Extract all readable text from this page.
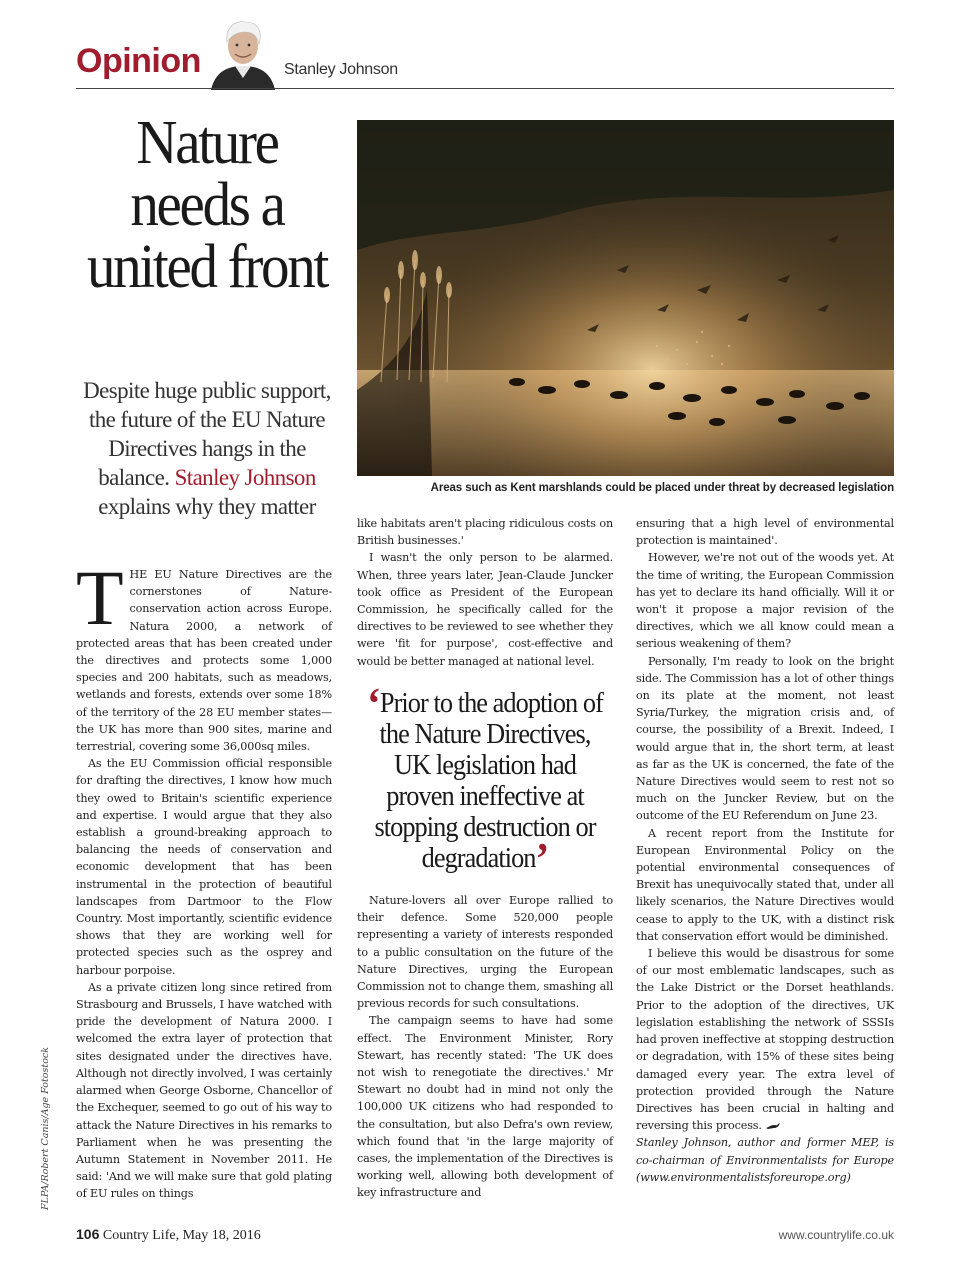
Opinion	Stanley Johnson
Nature needs a united front
Despite huge public support, the future of the EU Nature Directives hangs in the balance. Stanley Johnson explains why they matter
Areas such as Kent marshlands could be placed under threat by decreased legislation
FLPA/Robert Canis/Age Fotostock

THE EU Nature Directives are the cornerstones of Nature-conservation action across Europe. Natura 2000, a network of protected areas that has been created under the directives and protects some 1,000 species and 200 habitats, such as meadows, wetlands and forests, extends over some 18% of the territory of the 28 EU member states—the UK has more than 900 sites, marine and terrestrial, covering some 36,000sq miles.

As the EU Commission official responsible for drafting the directives, I know how much they owed to Britain's scientific experience and expertise. I would argue that they also establish a ground-breaking approach to balancing the needs of conservation and economic development that has been instrumental in the protection of beautiful landscapes from Dartmoor to the Flow Country. Most importantly, scientific evidence shows that they are working well for protected species such as the osprey and harbour porpoise.

As a private citizen long since retired from Strasbourg and Brussels, I have watched with pride the development of Natura 2000. I welcomed the extra layer of protection that sites designated under the directives have. Although not directly involved, I was certainly alarmed when George Osborne, Chancellor of the Exchequer, seemed to go out of his way to attack the Nature Directives in his remarks to Parliament when he was presenting the Autumn Statement in November 2011. He said: 'And we will make sure that gold plating of EU rules on things

like habitats aren't placing ridiculous costs on British businesses.'

I wasn't the only person to be alarmed. When, three years later, Jean-Claude Juncker took office as President of the European Commission, he specifically called for the directives to be reviewed to see whether they were 'fit for purpose', cost-effective and would be better managed at national level.

‘Prior to the adoption of the Nature Directives, UK legislation had proven ineffective at stopping destruction or degradation’

Nature-lovers all over Europe rallied to their defence. Some 520,000 people representing a variety of interests responded to a public consultation on the future of the Nature Directives, urging the European Commission not to change them, smashing all previous records for such consultations.

The campaign seems to have had some effect. The Environment Minister, Rory Stewart, has recently stated: 'The UK does not wish to renegotiate the directives.' Mr Stewart no doubt had in mind not only the 100,000 UK citizens who had responded to the consultation, but also Defra's own review, which found that 'in the large majority of cases, the implementation of the Directives is working well, allowing both development of key infrastructure and

ensuring that a high level of environmental protection is maintained'.

However, we're not out of the woods yet. At the time of writing, the European Commission has yet to declare its hand officially. Will it or won't it propose a major revision of the directives, which we all know could mean a serious weakening of them?

Personally, I'm ready to look on the bright side. The Commission has a lot of other things on its plate at the moment, not least Syria/Turkey, the migration crisis and, of course, the possibility of a Brexit. Indeed, I would argue that in, the short term, at least as far as the UK is concerned, the fate of the Nature Directives would seem to rest not so much on the Juncker Review, but on the outcome of the EU Referendum on June 23.

A recent report from the Institute for European Environmental Policy on the potential environmental consequences of Brexit has unequivocally stated that, under all likely scenarios, the Nature Directives would cease to apply to the UK, with a distinct risk that conservation effort would be diminished.

I believe this would be disastrous for some of our most emblematic landscapes, such as the Lake District or the Dorset heathlands. Prior to the adoption of the directives, UK legislation establishing the network of SSSIs had proven ineffective at stopping destruction or degradation, with 15% of these sites being damaged every year. The extra level of protection provided through the Nature Directives has been crucial in halting and reversing this process.

Stanley Johnson, author and former MEP, is co-chairman of Environmentalists for Europe (www.environmentalistsforeurope.org)

106 Country Life, May 18, 2016	www.countrylife.co.uk
